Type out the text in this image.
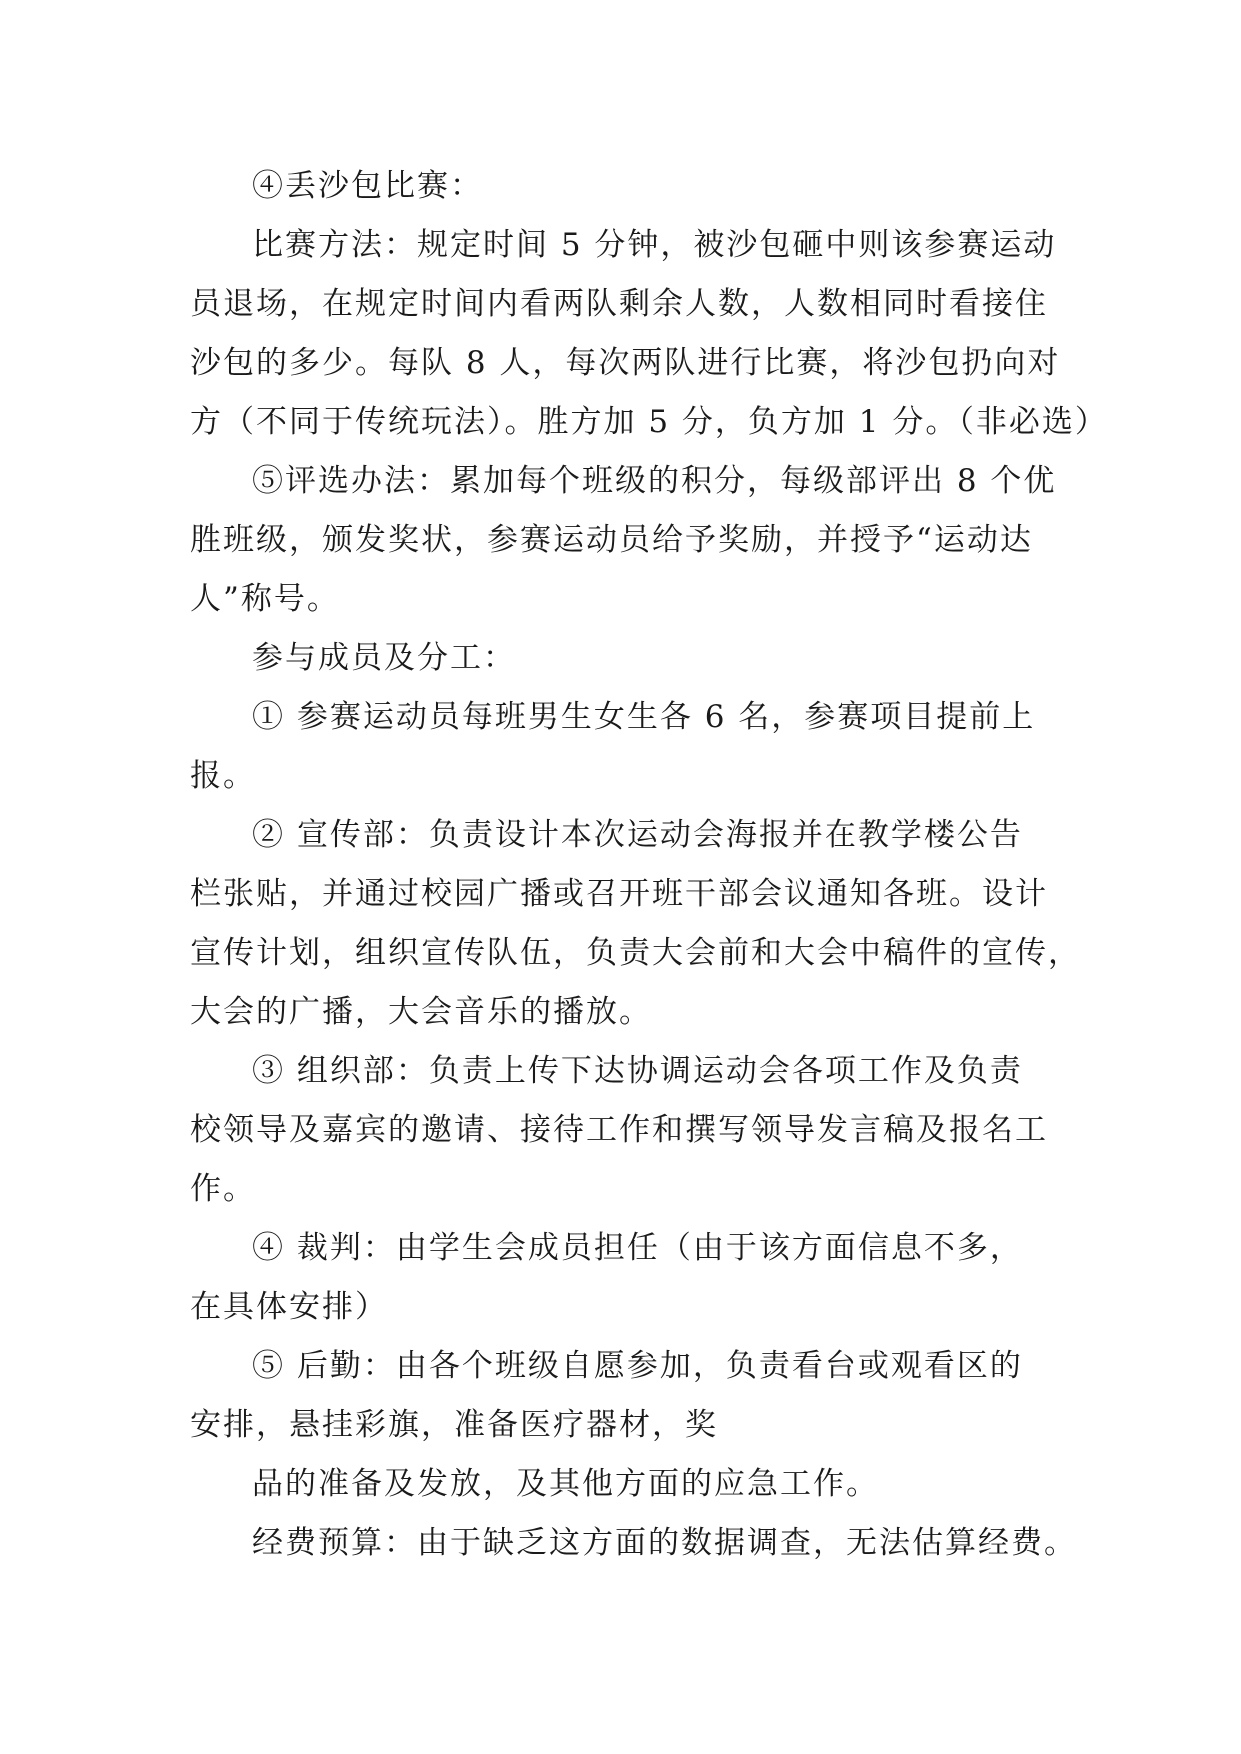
④丢沙包比赛：
比赛方法：规定时间 5 分钟，被沙包砸中则该参赛运动
员退场，在规定时间内看两队剩余人数，人数相同时看接住
沙包的多少。每队 8 人，每次两队进行比赛，将沙包扔向对
方（不同于传统玩法）。胜方加 5 分，负方加 1 分。（非必选）
⑤评选办法：累加每个班级的积分，每级部评出 8 个优
胜班级，颁发奖状，参赛运动员给予奖励，并授予“运动达
人”称号。
参与成员及分工：
① 参赛运动员每班男生女生各 6 名，参赛项目提前上
报。
② 宣传部：负责设计本次运动会海报并在教学楼公告
栏张贴，并通过校园广播或召开班干部会议通知各班。设计
宣传计划，组织宣传队伍，负责大会前和大会中稿件的宣传，
大会的广播，大会音乐的播放。
③ 组织部：负责上传下达协调运动会各项工作及负责
校领导及嘉宾的邀请、接待工作和撰写领导发言稿及报名工
作。
④ 裁判：由学生会成员担任（由于该方面信息不多，
在具体安排）
⑤ 后勤：由各个班级自愿参加，负责看台或观看区的
安排，悬挂彩旗，准备医疗器材，奖
品的准备及发放，及其他方面的应急工作。
经费预算：由于缺乏这方面的数据调查，无法估算经费。
